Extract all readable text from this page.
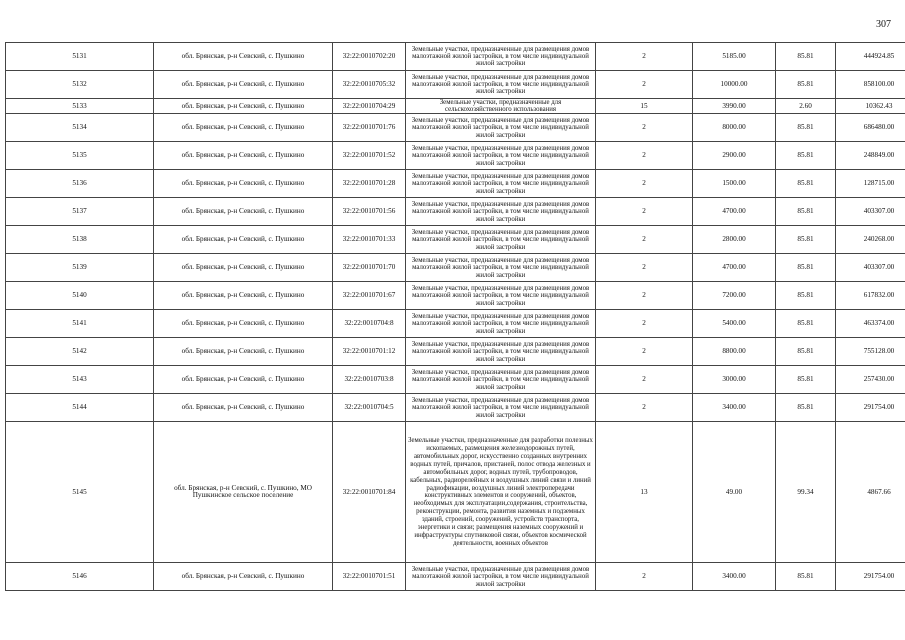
307
5131	обл. Брянская, р-н Севский, с. Пушкино	32:22:0010702:20	Земельные участки, предназначенные для размещения домов малоэтажной жилой застройки, в том числе индивидуальной жилой застройки	2	5185.00	85.81	444924.85
5132	обл. Брянская, р-н Севский, с. Пушкино	32:22:0010705:32	Земельные участки, предназначенные для размещения домов малоэтажной жилой застройки, в том числе индивидуальной жилой застройки	2	10000.00	85.81	858100.00
5133	обл. Брянская, р-н Севский, с. Пушкино	32:22:0010704:29	Земельные участки, предназначенные для сельскохозяйственного использования	15	3990.00	2.60	10362.43
5134	обл. Брянская, р-н Севский, с. Пушкино	32:22:0010701:76	Земельные участки, предназначенные для размещения домов малоэтажной жилой застройки, в том числе индивидуальной жилой застройки	2	8000.00	85.81	686480.00
5135	обл. Брянская, р-н Севский, с. Пушкино	32:22:0010701:52	Земельные участки, предназначенные для размещения домов малоэтажной жилой застройки, в том числе индивидуальной жилой застройки	2	2900.00	85.81	248849.00
5136	обл. Брянская, р-н Севский, с. Пушкино	32:22:0010701:28	Земельные участки, предназначенные для размещения домов малоэтажной жилой застройки, в том числе индивидуальной жилой застройки	2	1500.00	85.81	128715.00
5137	обл. Брянская, р-н Севский, с. Пушкино	32:22:0010701:56	Земельные участки, предназначенные для размещения домов малоэтажной жилой застройки, в том числе индивидуальной жилой застройки	2	4700.00	85.81	403307.00
5138	обл. Брянская, р-н Севский, с. Пушкино	32:22:0010701:33	Земельные участки, предназначенные для размещения домов малоэтажной жилой застройки, в том числе индивидуальной жилой застройки	2	2800.00	85.81	240268.00
5139	обл. Брянская, р-н Севский, с. Пушкино	32:22:0010701:70	Земельные участки, предназначенные для размещения домов малоэтажной жилой застройки, в том числе индивидуальной жилой застройки	2	4700.00	85.81	403307.00
5140	обл. Брянская, р-н Севский, с. Пушкино	32:22:0010701:67	Земельные участки, предназначенные для размещения домов малоэтажной жилой застройки, в том числе индивидуальной жилой застройки	2	7200.00	85.81	617832.00
5141	обл. Брянская, р-н Севский, с. Пушкино	32:22:0010704:8	Земельные участки, предназначенные для размещения домов малоэтажной жилой застройки, в том числе индивидуальной жилой застройки	2	5400.00	85.81	463374.00
5142	обл. Брянская, р-н Севский, с. Пушкино	32:22:0010701:12	Земельные участки, предназначенные для размещения домов малоэтажной жилой застройки, в том числе индивидуальной жилой застройки	2	8800.00	85.81	755128.00
5143	обл. Брянская, р-н Севский, с. Пушкино	32:22:0010703:8	Земельные участки, предназначенные для размещения домов малоэтажной жилой застройки, в том числе индивидуальной жилой застройки	2	3000.00	85.81	257430.00
5144	обл. Брянская, р-н Севский, с. Пушкино	32:22:0010704:5	Земельные участки, предназначенные для размещения домов малоэтажной жилой застройки, в том числе индивидуальной жилой застройки	2	3400.00	85.81	291754.00
5145	обл. Брянская, р-н Севский, с. Пушкино, МО Пушкинское сельское поселение	32:22:0010701:84	Земельные участки, предназначенные для разработки полезных ископаемых, размещения железнодорожных путей, автомобильных дорог, искусственно созданных внутренних водных путей, причалов, пристаней, полос отвода железных и автомобильных дорог, водных путей, трубопроводов, кабельных, радиорелейных и воздушных линий связи и линий радиофикации, воздушных линий электропередачи конструктивных элементов и сооружений, объектов, необходимых для эксплуатации,содержания, строительства, реконструкции, ремонта, развития наземных и подземных зданий, строений, сооружений, устройств транспорта, энергетики и связи; размещения наземных сооружений и инфраструктуры спутниковой связи, объектов космической деятельности, военных объектов	13	49.00	99.34	4867.66
5146	обл. Брянская, р-н Севский, с. Пушкино	32:22:0010701:51	Земельные участки, предназначенные для размещения домов малоэтажной жилой застройки, в том числе индивидуальной жилой застройки	2	3400.00	85.81	291754.00
